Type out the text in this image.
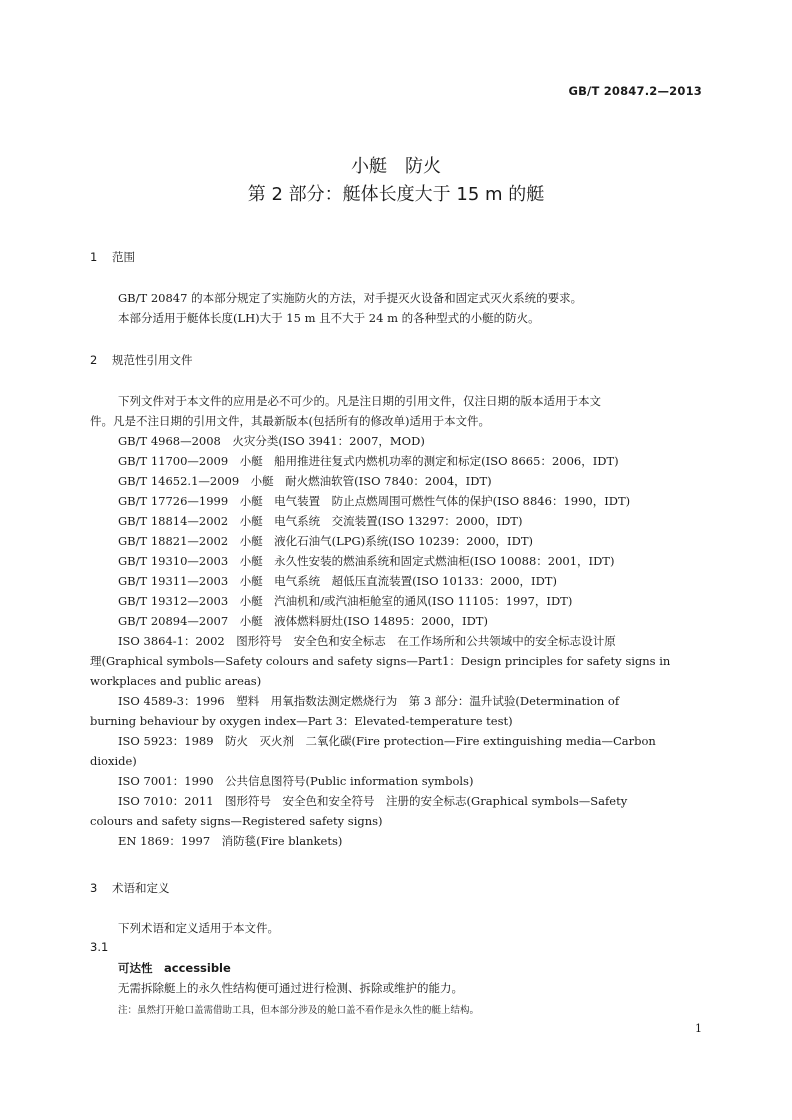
GB/T 20847.2—2013
小艇　防火
第 2 部分：艇体长度大于 15 m 的艇
1 范围

GB/T 20847 的本部分规定了实施防火的方法，对手提灭火设备和固定式灭火系统的要求。

本部分适用于艇体长度(LH)大于 15 m 且不大于 24 m 的各种型式的小艇的防火。

2 规范性引用文件

下列文件对于本文件的应用是必不可少的。凡是注日期的引用文件，仅注日期的版本适用于本文

件。凡是不注日期的引用文件，其最新版本(包括所有的修改单)适用于本文件。

GB/T 4968—2008　火灾分类(ISO 3941：2007，MOD)

GB/T 11700—2009　小艇　船用推进往复式内燃机功率的测定和标定(ISO 8665：2006，IDT)

GB/T 14652.1—2009　小艇　耐火燃油软管(ISO 7840：2004，IDT)

GB/T 17726—1999　小艇　电气装置　防止点燃周围可燃性气体的保护(ISO 8846：1990，IDT)

GB/T 18814—2002　小艇　电气系统　交流装置(ISO 13297：2000，IDT)

GB/T 18821—2002　小艇　液化石油气(LPG)系统(ISO 10239：2000，IDT)

GB/T 19310—2003　小艇　永久性安装的燃油系统和固定式燃油柜(ISO 10088：2001，IDT)

GB/T 19311—2003　小艇　电气系统　超低压直流装置(ISO 10133：2000，IDT)

GB/T 19312—2003　小艇　汽油机和/或汽油柜舱室的通风(ISO 11105：1997，IDT)

GB/T 20894—2007　小艇　液体燃料厨灶(ISO 14895：2000，IDT)

ISO 3864-1：2002　图形符号　安全色和安全标志　在工作场所和公共领域中的安全标志设计原

理(Graphical symbols—Safety colours and safety signs—Part1：Design principles for safety signs in

workplaces and public areas)

ISO 4589-3：1996　塑料　用氧指数法测定燃烧行为　第 3 部分：温升试验(Determination of

burning behaviour by oxygen index—Part 3：Elevated-temperature test)

ISO 5923：1989　防火　灭火剂　二氧化碳(Fire protection—Fire extinguishing media—Carbon

dioxide)

ISO 7001：1990　公共信息图符号(Public information symbols)

ISO 7010：2011　图形符号　安全色和安全符号　注册的安全标志(Graphical symbols—Safety

colours and safety signs—Registered safety signs)

EN 1869：1997　消防毯(Fire blankets)

3 术语和定义

下列术语和定义适用于本文件。

3.1
可达性　 accessible
无需拆除艇上的永久性结构便可通过进行检测、拆除或维护的能力。
注：虽然打开舱口盖需借助工具，但本部分涉及的舱口盖不看作是永久性的艇上结构。
1
